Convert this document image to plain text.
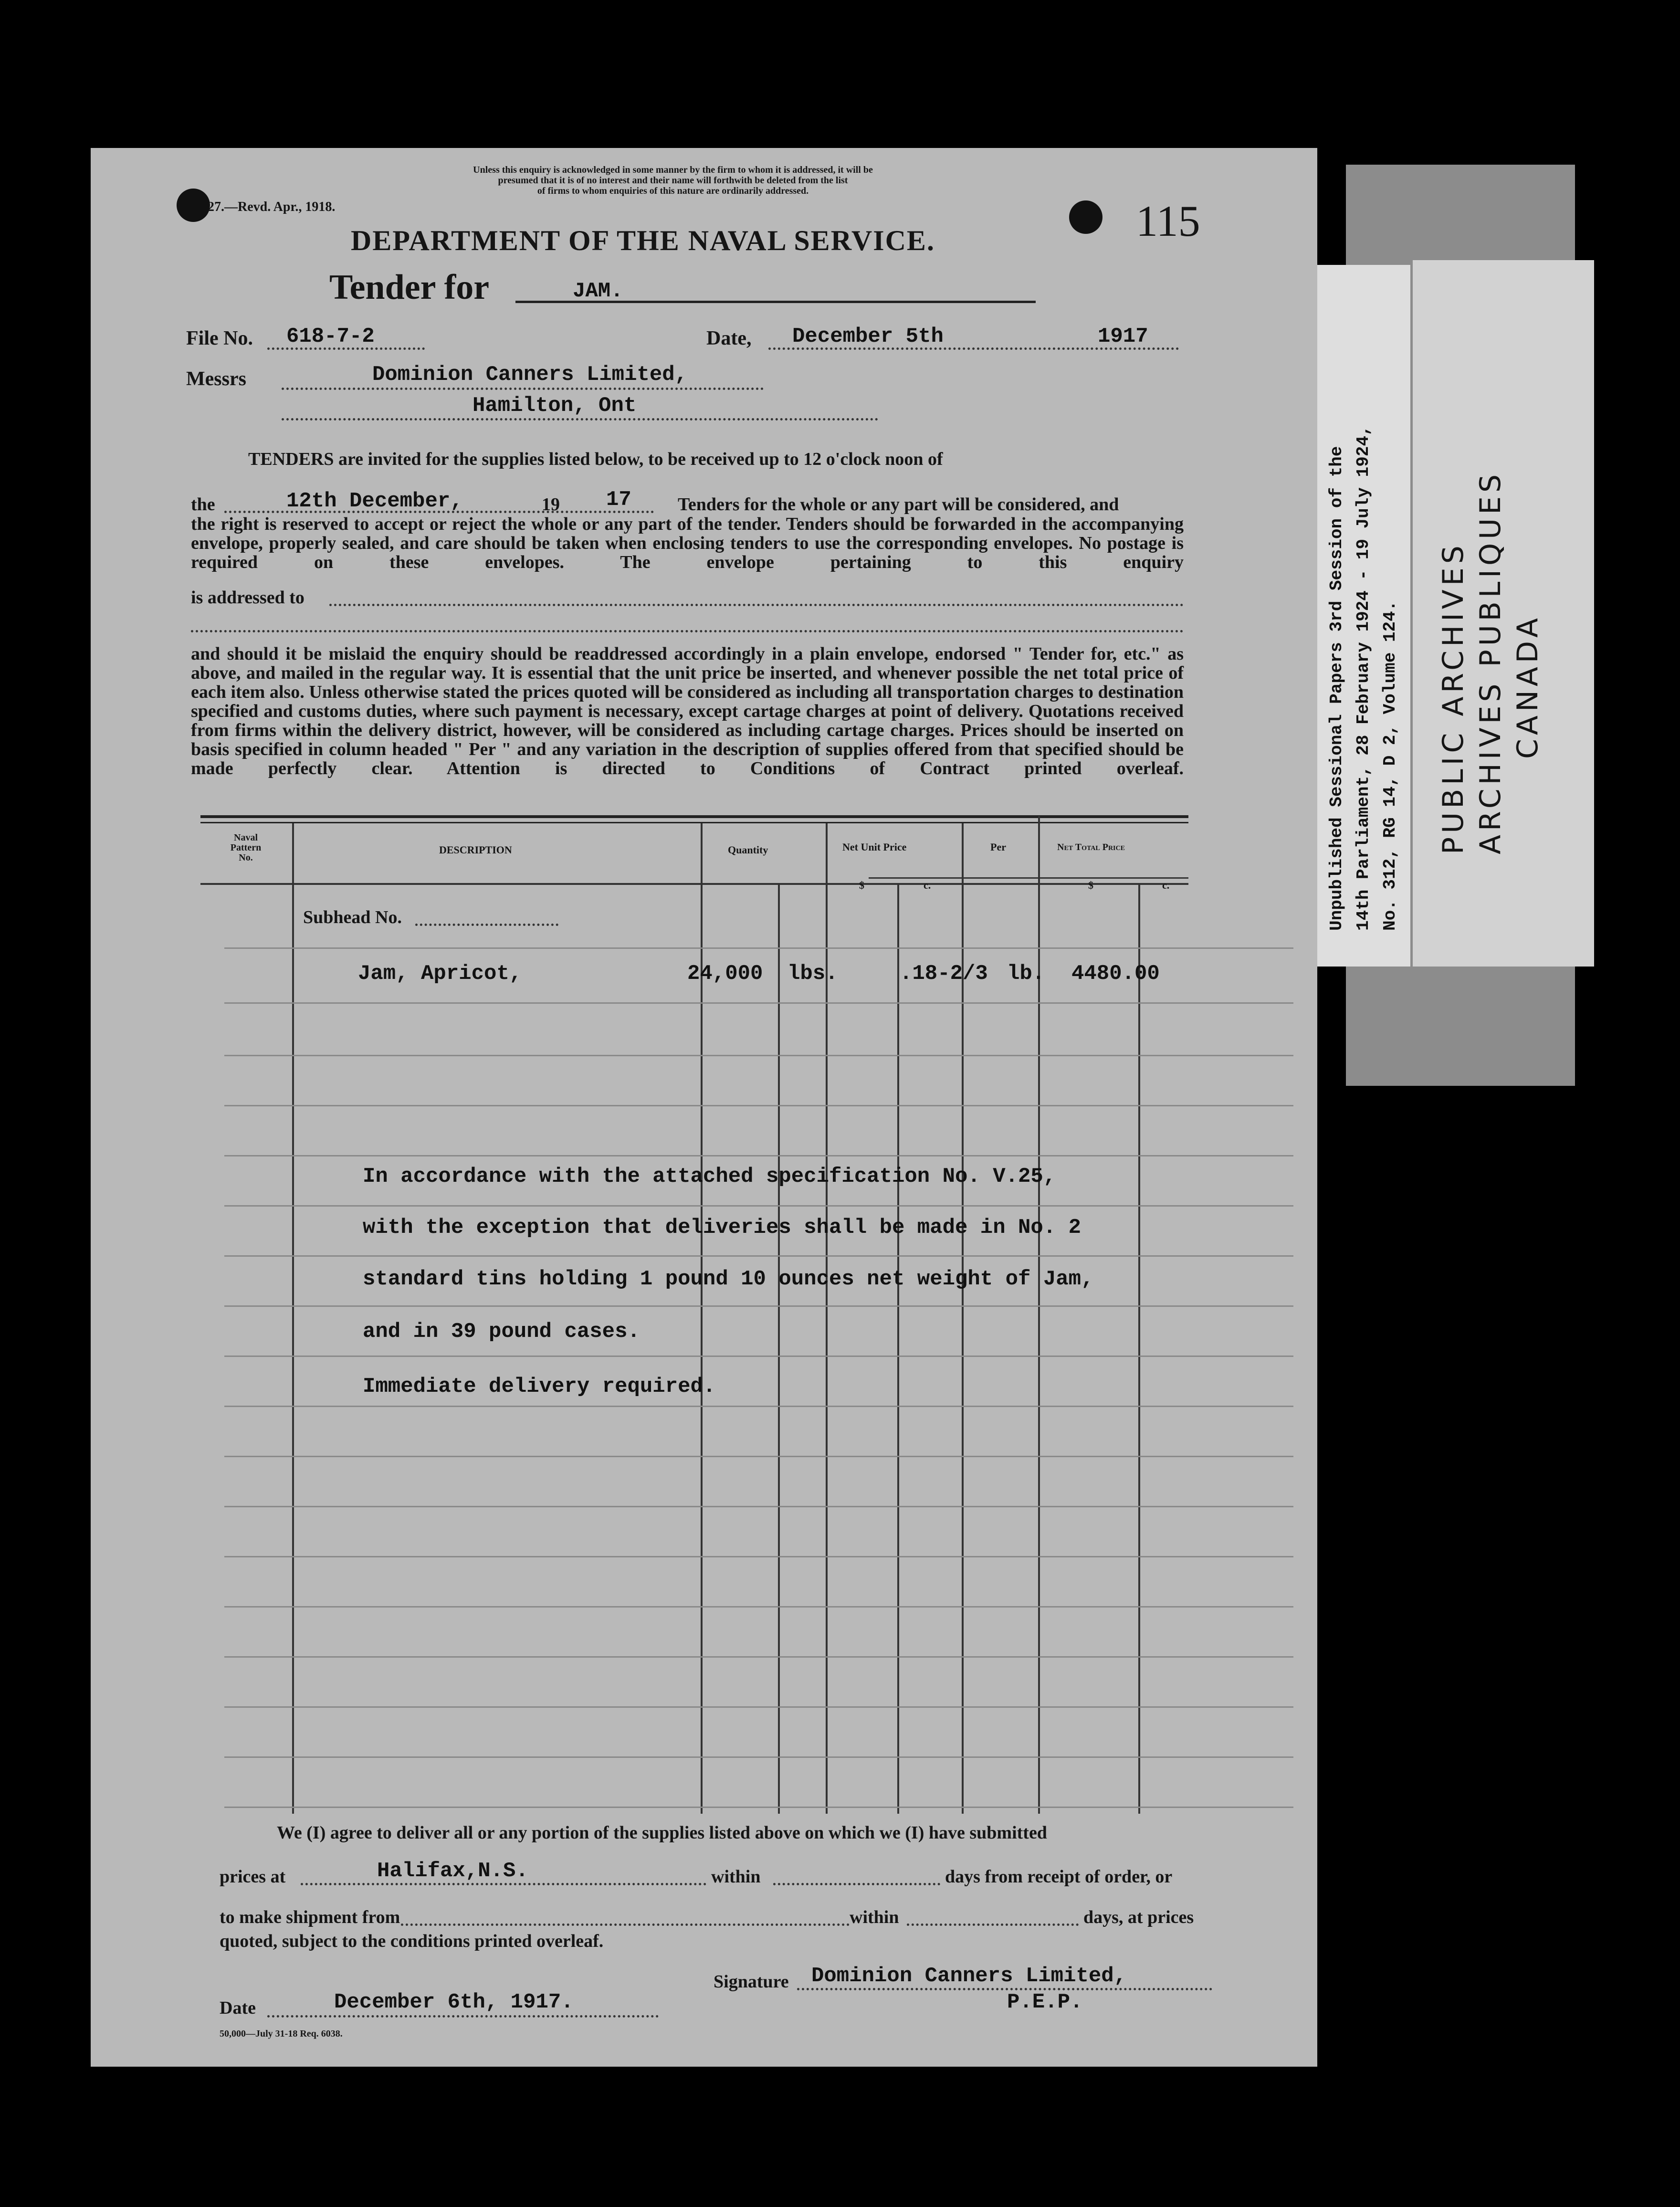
Unpublished Sessional Papers 3rd Session of the 14th Parliament, 28 February 1924 - 19 July 1924, No. 312, RG 14, D 2, Volume 124. PUBLIC ARCHIVES ARCHIVES PUBLIQUES CANADA
Unless this enquiry is acknowledged in some manner by the firm to whom it is addressed, it will be
presumed that it is of no interest and their name will forthwith be deleted from the list
of firms to whom enquiries of this nature are ordinarily addressed.
27.—Revd. Apr., 1918.	115
DEPARTMENT OF THE NAVAL SERVICE.
Tender for	JAM.
File No. 618-7-2	Date, December 5th	1917
Messrs	Dominion Canners Limited,
Hamilton, Ont
TENDERS are invited for the supplies listed below, to be received up to 12 o'clock noon of
the	12th December,	19 17	Tenders for the whole or any part will be considered, and
the right is reserved to accept or reject the whole or any part of the tender. Tenders should be forwarded in the accompanying envelope, properly sealed, and care should be taken when enclosing tenders to use the corresponding envelopes. No postage is required on these envelopes. The envelope pertaining to this enquiry
is addressed to
and should it be mislaid the enquiry should be readdressed accordingly in a plain envelope, endorsed " Tender for, etc." as above, and mailed in the regular way. It is essential that the unit price be inserted, and whenever possible the net total price of each item also. Unless otherwise stated the prices quoted will be considered as including all transportation charges to destination specified and customs duties, where such payment is necessary, except cartage charges at point of delivery. Quotations received from firms within the delivery district, however, will be considered as including cartage charges. Prices should be inserted on basis specified in column headed " Per " and any variation in the description of supplies offered from that specified should be made perfectly clear. Attention is directed to Conditions of Contract printed overleaf.
Naval
Pattern
No.
DESCRIPTION	Quantity	Net Unit Price	Per	Net Total Price
$	c.	$	c.
Subhead No.
Jam, Apricot,	24,000 lbs.	.18-2/3 lb. 4480.00
In accordance with the attached specification No. V.25,
with the exception that deliveries shall be made in No. 2
standard tins holding 1 pound 10 ounces net weight of Jam,
and in 39 pound cases.
Immediate delivery required.
We (I) agree to deliver all or any portion of the supplies listed above on which we (I) have submitted
prices at	Halifax,N.S.	within	days from receipt of order, or
to make shipment from	within	days, at prices
quoted, subject to the conditions printed overleaf.
Signature Dominion Canners Limited,
P.E.P.
Date	December 6th, 1917.
50,000—July 31-18 Req. 6038.
